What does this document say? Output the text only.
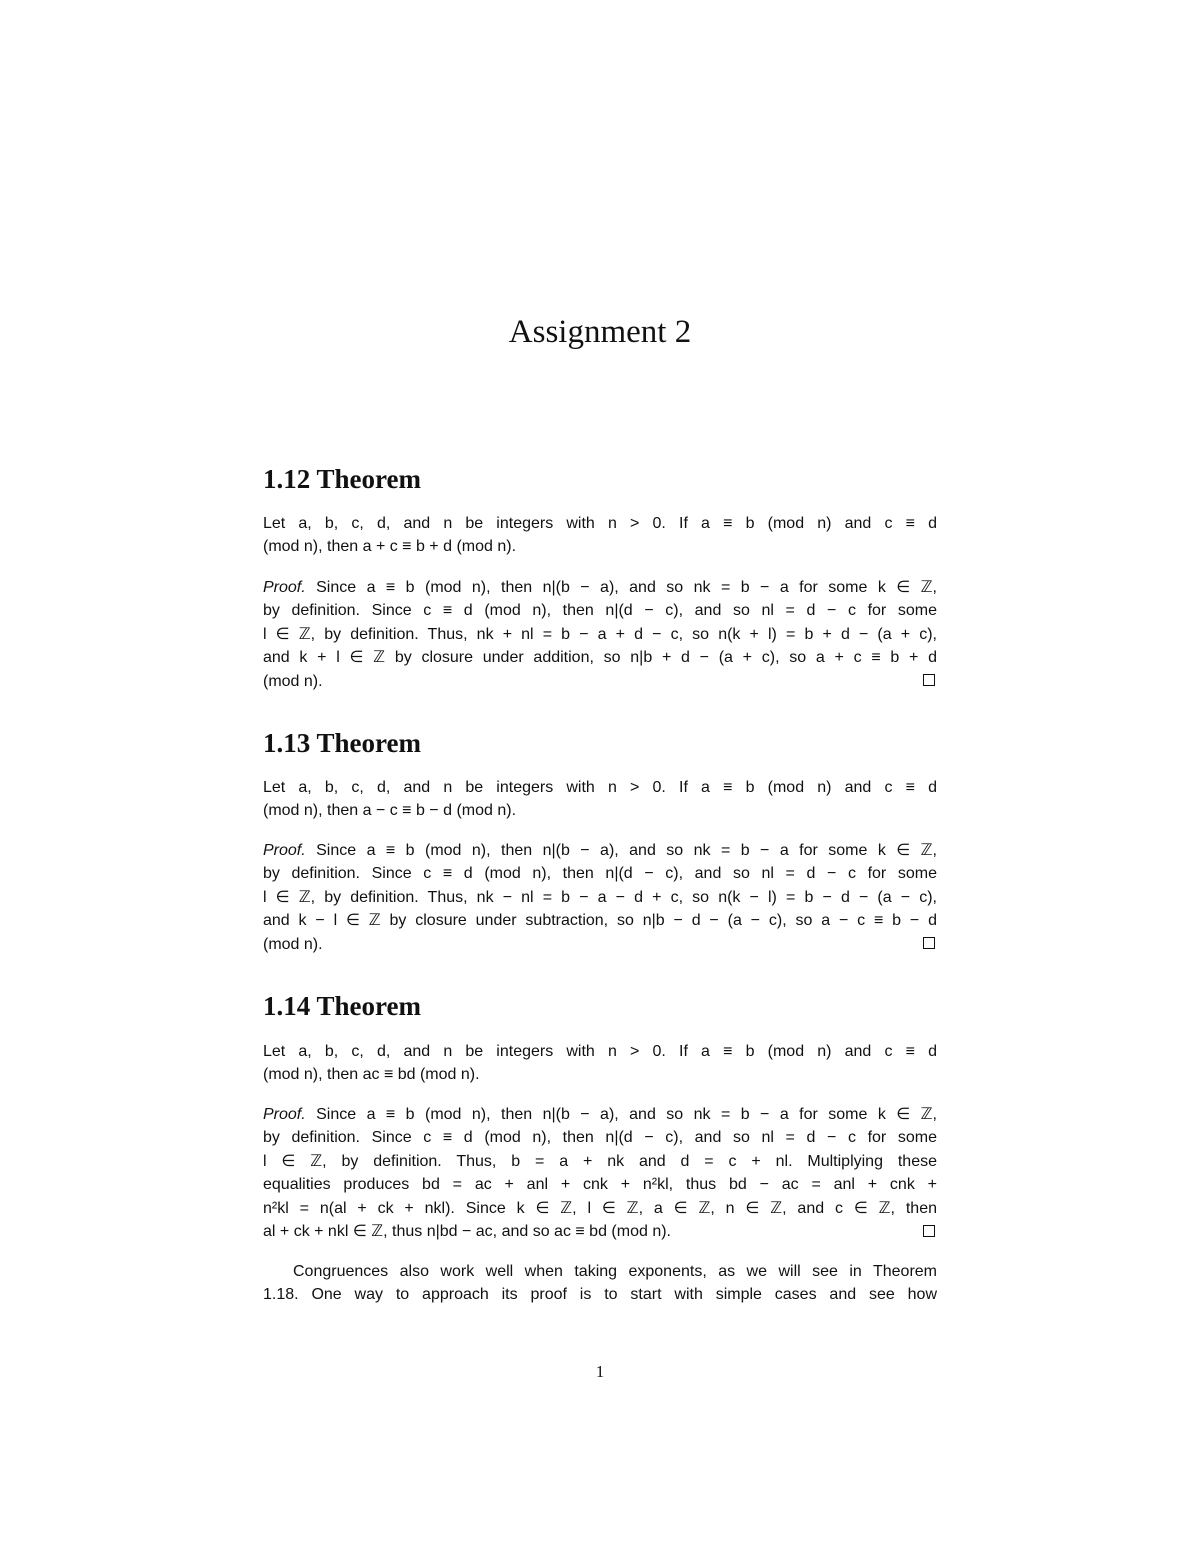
Assignment 2
1.12 Theorem
Let a, b, c, d, and n be integers with n > 0. If a ≡ b (mod n) and c ≡ d
(mod n), then a + c ≡ b + d (mod n).
Proof. Since a ≡ b (mod n), then n|(b − a), and so nk = b − a for some k ∈ ℤ,
by definition. Since c ≡ d (mod n), then n|(d − c), and so nl = d − c for some
l ∈ ℤ, by definition. Thus, nk + nl = b − a + d − c, so n(k + l) = b + d − (a + c),
and k + l ∈ ℤ by closure under addition, so n|b + d − (a + c), so a + c ≡ b + d
(mod n).
1.13 Theorem
Let a, b, c, d, and n be integers with n > 0. If a ≡ b (mod n) and c ≡ d
(mod n), then a − c ≡ b − d (mod n).
Proof. Since a ≡ b (mod n), then n|(b − a), and so nk = b − a for some k ∈ ℤ,
by definition. Since c ≡ d (mod n), then n|(d − c), and so nl = d − c for some
l ∈ ℤ, by definition. Thus, nk − nl = b − a − d + c, so n(k − l) = b − d − (a − c),
and k − l ∈ ℤ by closure under subtraction, so n|b − d − (a − c), so a − c ≡ b − d
(mod n).
1.14 Theorem
Let a, b, c, d, and n be integers with n > 0. If a ≡ b (mod n) and c ≡ d
(mod n), then ac ≡ bd (mod n).
Proof. Since a ≡ b (mod n), then n|(b − a), and so nk = b − a for some k ∈ ℤ,
by definition. Since c ≡ d (mod n), then n|(d − c), and so nl = d − c for some
l ∈ ℤ, by definition. Thus, b = a + nk and d = c + nl. Multiplying these
equalities produces bd = ac + anl + cnk + n²kl, thus bd − ac = anl + cnk +
n²kl = n(al + ck + nkl). Since k ∈ ℤ, l ∈ ℤ, a ∈ ℤ, n ∈ ℤ, and c ∈ ℤ, then
al + ck + nkl ∈ ℤ, thus n|bd − ac, and so ac ≡ bd (mod n).
Congruences also work well when taking exponents, as we will see in Theorem
1.18. One way to approach its proof is to start with simple cases and see how
1
